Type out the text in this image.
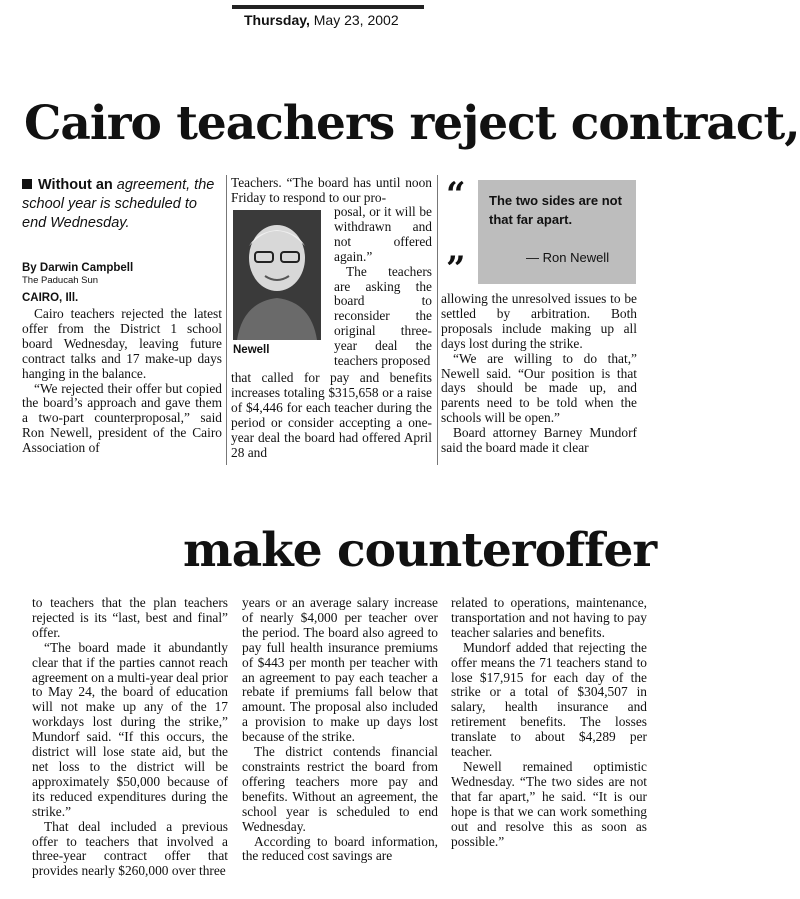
Thursday, May 23, 2002
Cairo teachers reject contract,
Without an agreement, the school year is scheduled to end Wednesday.
By Darwin Campbell
The Paducah Sun
CAIRO, Ill.

Cairo teachers rejected the latest offer from the District 1 school board Wednesday, leaving future contract talks and 17 make-up days hanging in the balance.

“We rejected their offer but copied the board’s approach and gave them a two-part counterproposal,” said Ron Newell, president of the Cairo Association of

Teachers. “The board has until noon Friday to respond to our pro-

Newell

posal, or it will be withdrawn and not offered again.”

The teachers are asking the board to reconsider the original three-year deal the teachers proposed

that called for pay and benefits increases totaling $315,658 or a raise of $4,446 for each teacher during the period or consider accepting a one-year deal the board had offered April 28 and

“
”
The two sides are not that far apart.
— Ron Newell

allowing the unresolved issues to be settled by arbitration. Both proposals include making up all days lost during the strike.

“We are willing to do that,” Newell said. “Our position is that days should be made up, and parents need to be told when the schools will be open.”

Board attorney Barney Mundorf said the board made it clear

make counteroffer

to teachers that the plan teachers rejected is its “last, best and final” offer.

“The board made it abundantly clear that if the parties cannot reach agreement on a multi-year deal prior to May 24, the board of education will not make up any of the 17 workdays lost during the strike,” Mundorf said. “If this occurs, the district will lose state aid, but the net loss to the district will be approximately $50,000 because of its reduced expenditures during the strike.”

That deal included a previous offer to teachers that involved a three-year contract offer that provides nearly $260,000 over three

years or an average salary increase of nearly $4,000 per teacher over the period. The board also agreed to pay full health insurance premiums of $443 per month per teacher with an agreement to pay each teacher a rebate if premiums fall below that amount. The proposal also included a provision to make up days lost because of the strike.

The district contends financial constraints restrict the board from offering teachers more pay and benefits. Without an agreement, the school year is scheduled to end Wednesday.

According to board information, the reduced cost savings are

related to operations, maintenance, transportation and not having to pay teacher salaries and benefits.

Mundorf added that rejecting the offer means the 71 teachers stand to lose $17,915 for each day of the strike or a total of $304,507 in salary, health insurance and retirement benefits. The losses translate to about $4,289 per teacher.

Newell remained optimistic Wednesday. “The two sides are not that far apart,” he said. “It is our hope is that we can work something out and resolve this as soon as possible.”
